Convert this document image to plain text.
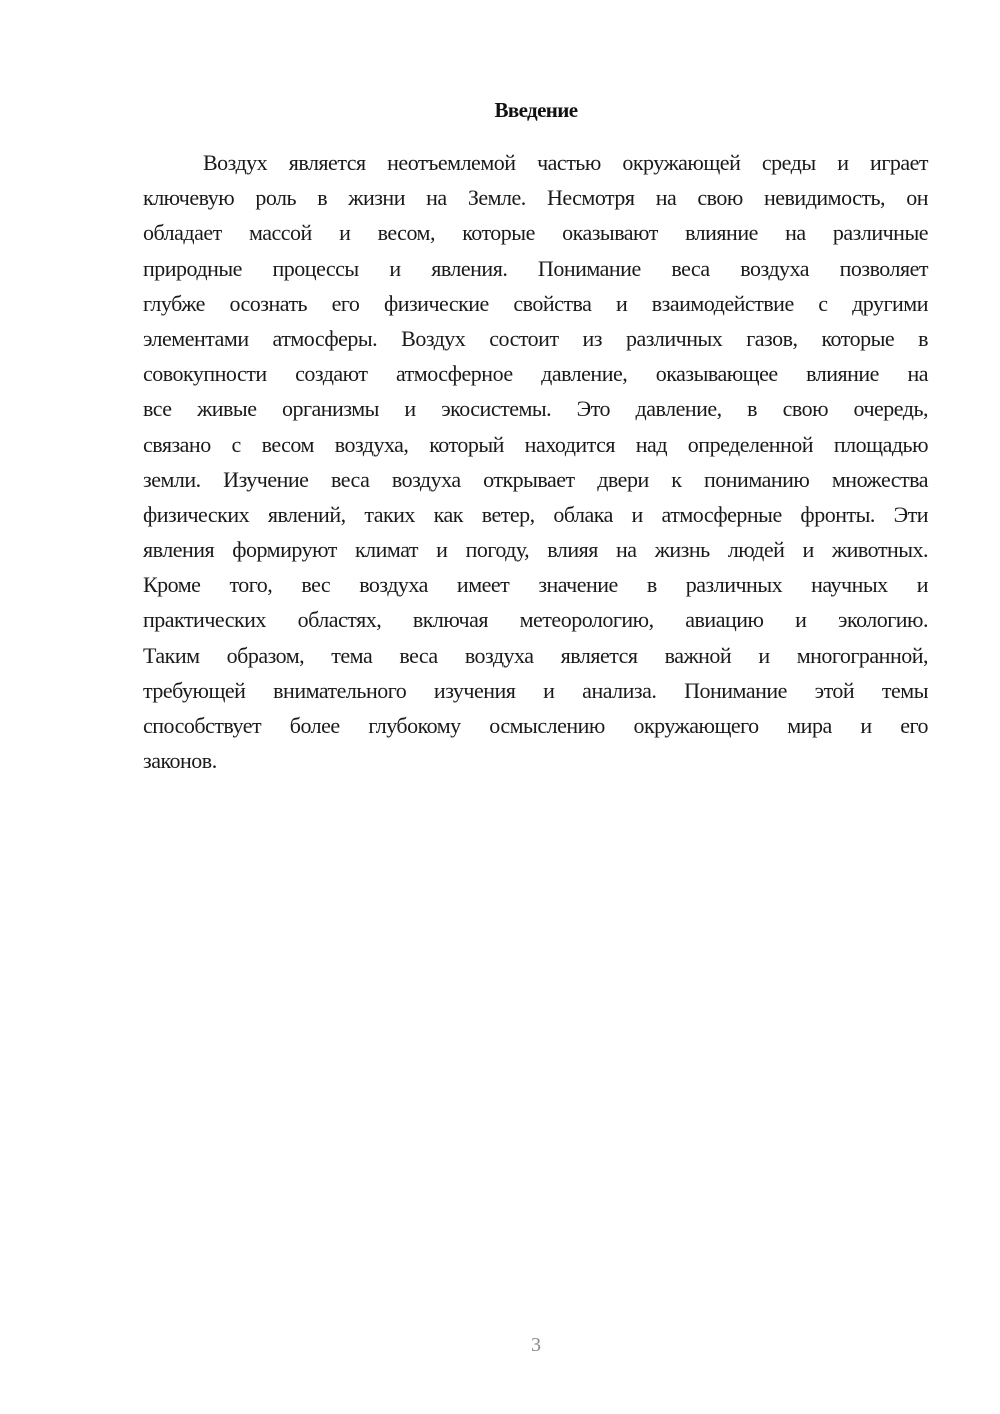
Введение
Воздух является неотъемлемой частью окружающей среды и играет
ключевую роль в жизни на Земле. Несмотря на свою невидимость, он
обладает массой и весом, которые оказывают влияние на различные
природные процессы и явления. Понимание веса воздуха позволяет
глубже осознать его физические свойства и взаимодействие с другими
элементами атмосферы. Воздух состоит из различных газов, которые в
совокупности создают атмосферное давление, оказывающее влияние на
все живые организмы и экосистемы. Это давление, в свою очередь,
связано с весом воздуха, который находится над определенной площадью
земли. Изучение веса воздуха открывает двери к пониманию множества
физических явлений, таких как ветер, облака и атмосферные фронты. Эти
явления формируют климат и погоду, влияя на жизнь людей и животных.
Кроме того, вес воздуха имеет значение в различных научных и
практических областях, включая метеорологию, авиацию и экологию.
Таким образом, тема веса воздуха является важной и многогранной,
требующей внимательного изучения и анализа. Понимание этой темы
способствует более глубокому осмыслению окружающего мира и его
законов.
3
